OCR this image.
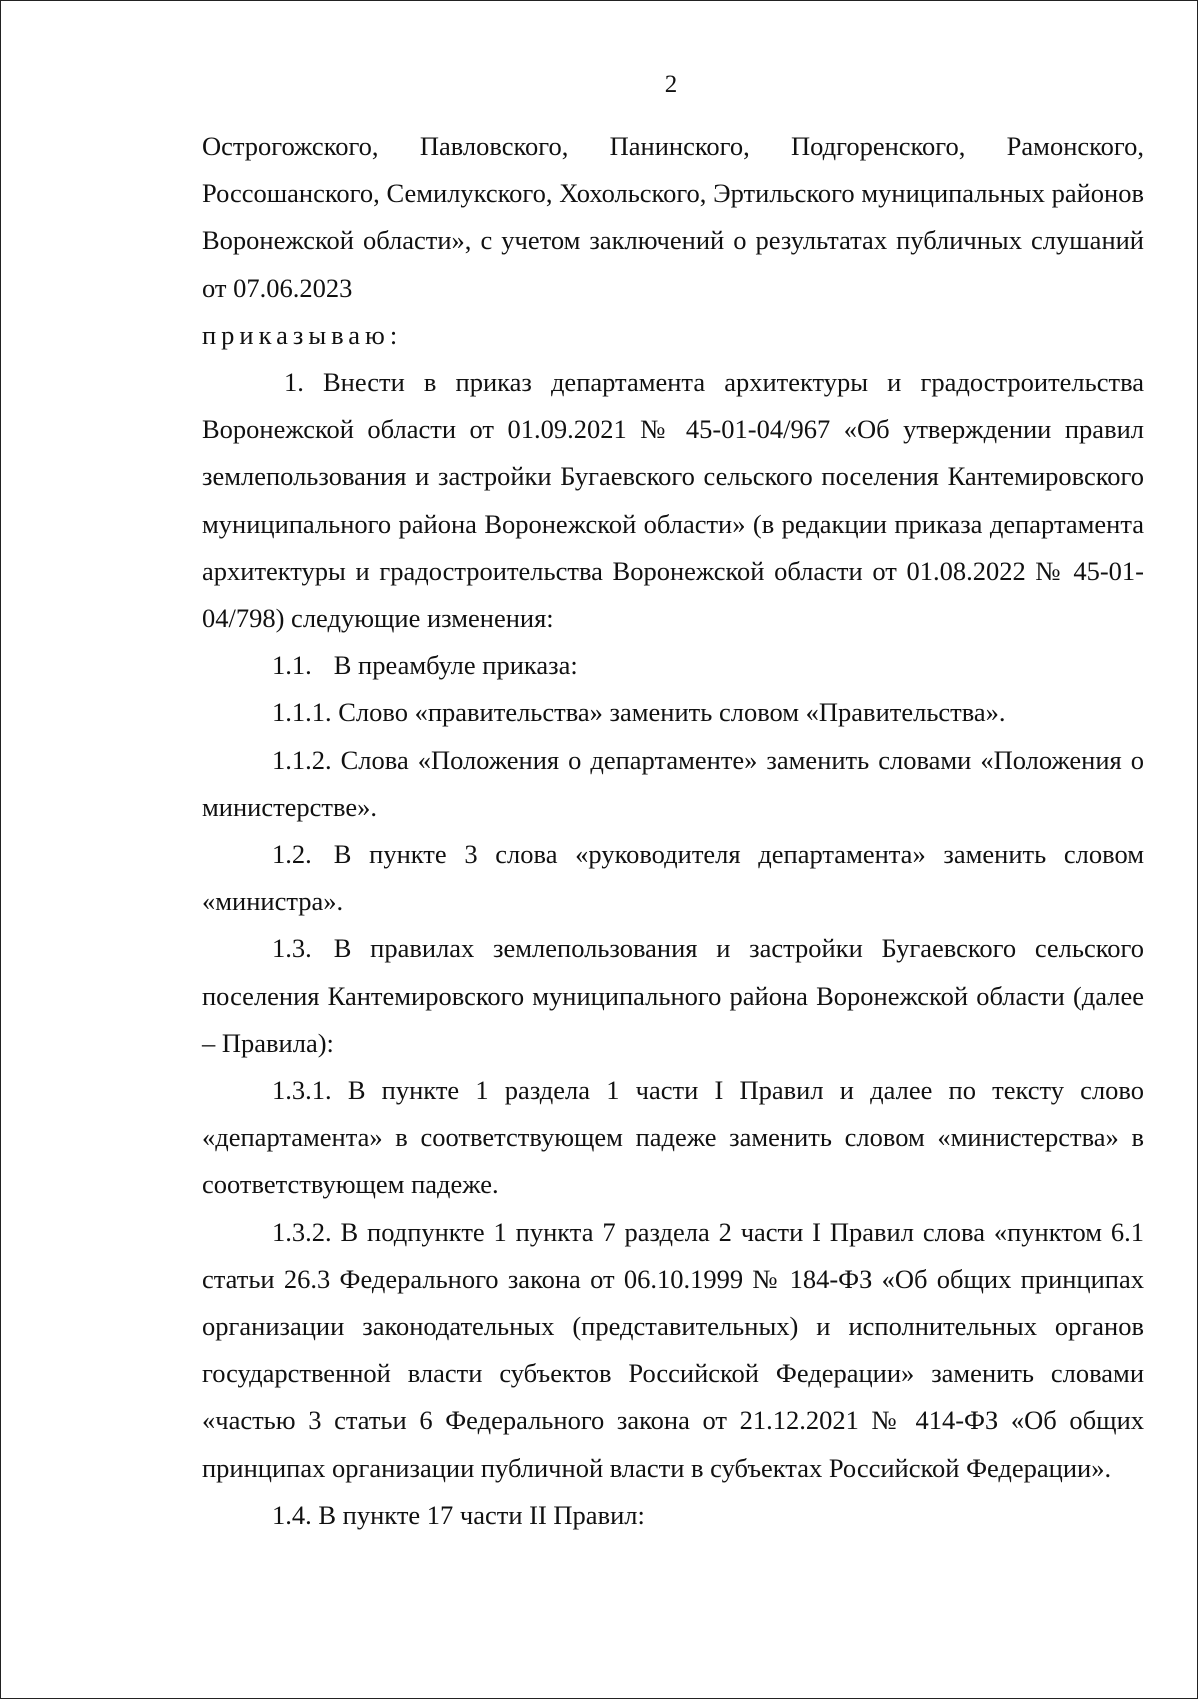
2

Острогожского, Павловского, Панинского, Подгоренского, Рамонского, Россошанского, Семилукского, Хохольского, Эртильского муниципальных районов Воронежской области», с учетом заключений о результатах публичных слушаний от 07.06.2023

приказываю:

1. Внести в приказ департамента архитектуры и градостроительства Воронежской области от 01.09.2021 № 45-01-04/967 «Об утверждении правил землепользования и застройки Бугаевского сельского поселения Кантемировского муниципального района Воронежской области» (в редакции приказа департамента архитектуры и градостроительства Воронежской области от 01.08.2022 № 45-01-04/798) следующие изменения:

1.1. В преамбуле приказа:

1.1.1. Слово «правительства» заменить словом «Правительства».

1.1.2. Слова «Положения о департаменте» заменить словами «Положения о министерстве».

1.2. В пункте 3 слова «руководителя департамента» заменить словом «министра».

1.3. В правилах землепользования и застройки Бугаевского сельского поселения Кантемировского муниципального района Воронежской области (далее – Правила):

1.3.1. В пункте 1 раздела 1 части I Правил и далее по тексту слово «департамента» в соответствующем падеже заменить словом «министерства» в соответствующем падеже.

1.3.2. В подпункте 1 пункта 7 раздела 2 части I Правил слова «пунктом 6.1 статьи 26.3 Федерального закона от 06.10.1999 № 184-ФЗ «Об общих принципах организации законодательных (представительных) и исполнительных органов государственной власти субъектов Российской Федерации» заменить словами «частью 3 статьи 6 Федерального закона от 21.12.2021 № 414-ФЗ «Об общих принципах организации публичной власти в субъектах Российской Федерации».

1.4. В пункте 17 части II Правил:
